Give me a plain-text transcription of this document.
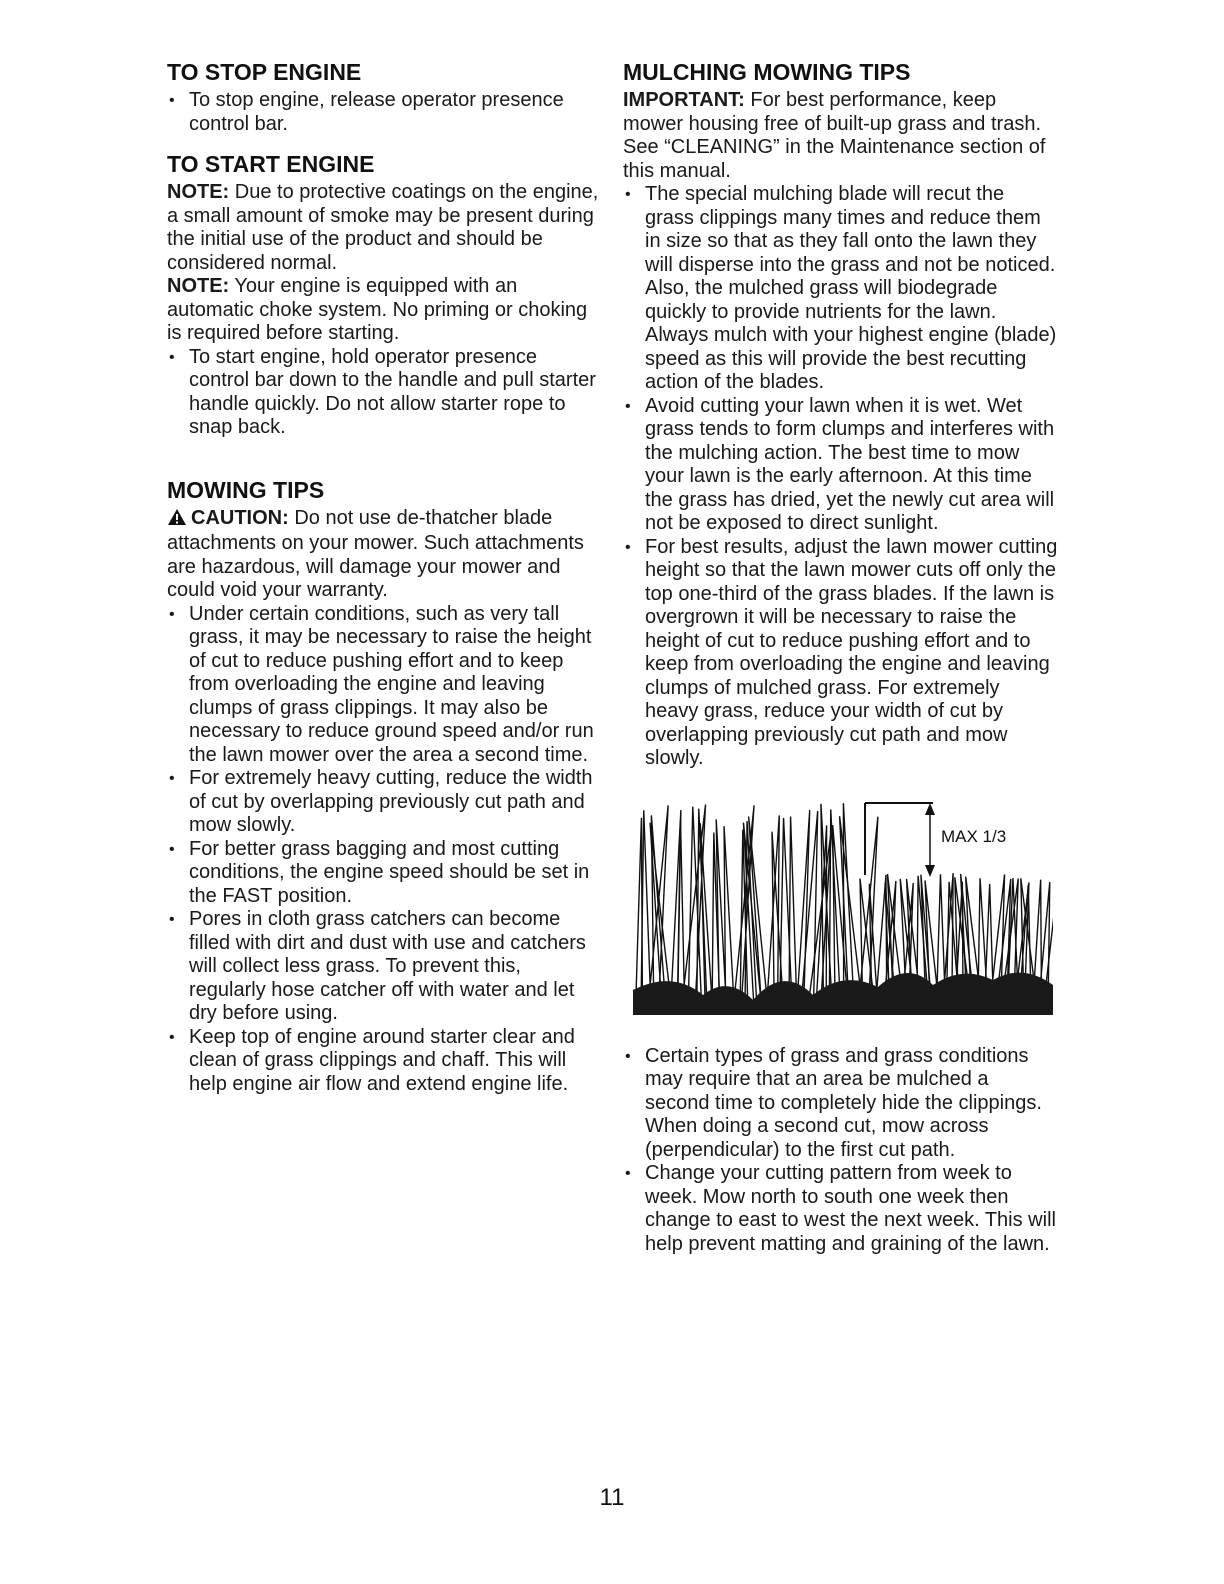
TO STOP ENGINE
• To stop engine, release operator presence control bar.
TO START ENGINE

NOTE: Due to protective coatings on the engine, a small amount of smoke may be present during the initial use of the product and should be considered normal.

NOTE: Your engine is equipped with an automatic choke system. No priming or choking is required before starting.

• To start engine, hold operator presence control bar down to the handle and pull starter handle quickly. Do not allow starter rope to snap back.
MOWING TIPS

CAUTION: Do not use de-thatcher blade attachments on your mower. Such attachments are hazardous, will damage your mower and could void your warranty.

• Under certain conditions, such as very tall grass, it may be necessary to raise the height of cut to reduce pushing effort and to keep from overloading the engine and leaving clumps of grass clippings. It may also be necessary to reduce ground speed and/or run the lawn mower over the area a second time.
• For extremely heavy cutting, reduce the width of cut by overlapping previously cut path and mow slowly.
• For better grass bagging and most cutting conditions, the engine speed should be set in the FAST position.
• Pores in cloth grass catchers can become filled with dirt and dust with use and catchers will collect less grass. To prevent this, regularly hose catcher off with water and let dry before using.
• Keep top of engine around starter clear and clean of grass clippings and chaff. This will help engine air flow and extend engine life.
MULCHING MOWING TIPS

IMPORTANT: For best performance, keep mower housing free of built-up grass and trash. See “CLEANING” in the Maintenance section of this manual.

• The special mulching blade will recut the grass clippings many times and reduce them in size so that as they fall onto the lawn they will disperse into the grass and not be noticed. Also, the mulched grass will biodegrade quickly to provide nutrients for the lawn. Always mulch with your highest engine (blade) speed as this will provide the best recutting action of the blades.
• Avoid cutting your lawn when it is wet. Wet grass tends to form clumps and interferes with the mulching action. The best time to mow your lawn is the early afternoon. At this time the grass has dried, yet the newly cut area will not be exposed to direct sunlight.
• For best results, adjust the lawn mower cutting height so that the lawn mower cuts off only the top one-third of the grass blades. If the lawn is overgrown it will be necessary to raise the height of cut to reduce pushing effort and to keep from overloading the engine and leaving clumps of mulched grass. For extremely heavy grass, reduce your width of cut by overlapping previously cut path and mow slowly.
MAX 1/3
• Certain types of grass and grass conditions may require that an area be mulched a second time to completely hide the clippings. When doing a second cut, mow across (perpendicular) to the first cut path.
• Change your cutting pattern from week to week. Mow north to south one week then change to east to west the next week. This will help prevent matting and graining of the lawn.
11
